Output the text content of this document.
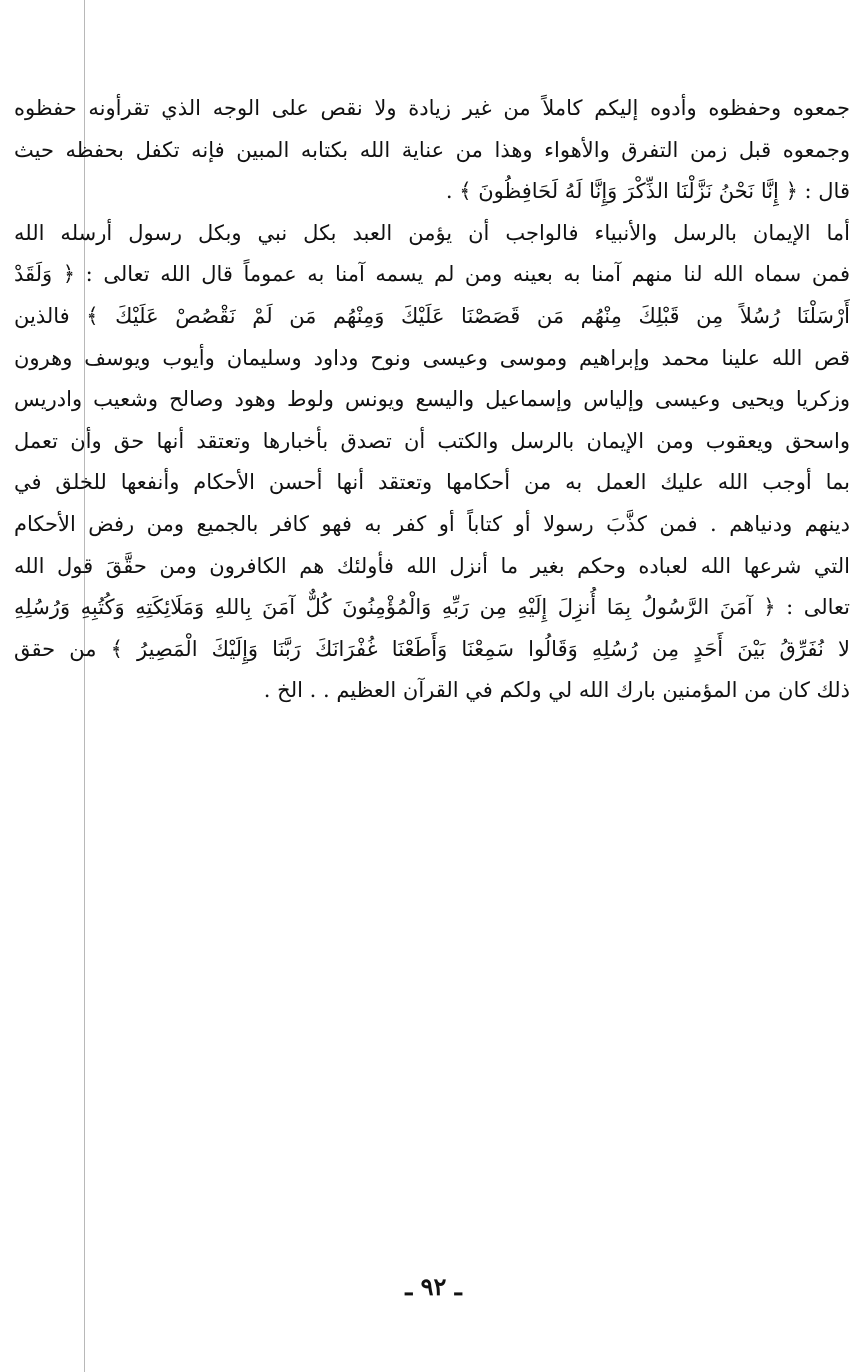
جمعوه وحفظوه وأدوه إليكم كاملاً من غير زيادة ولا نقص على الوجه الذي تقرأونه حفظوه
وجمعوه قبل زمن التفرق والأهواء وهذا من عناية الله بكتابه المبين فإنه تكفل بحفظه حيث
قال : ﴿ إِنَّا نَحْنُ نَزَّلْنَا الذِّكْرَ وَإِنَّا لَهُ لَحَافِظُونَ ﴾ .
أما الإيمان بالرسل والأنبياء فالواجب أن يؤمن العبد بكل نبي وبكل رسول أرسله الله
فمن سماه الله لنا منهم آمنا به بعينه ومن لم يسمه آمنا به عموماً قال الله تعالى : ﴿ وَلَقَدْ
أَرْسَلْنَا رُسُلاً مِن قَبْلِكَ مِنْهُم مَن قَصَصْنَا عَلَيْكَ وَمِنْهُم مَن لَمْ نَقْصُصْ عَلَيْكَ ﴾ فالذين
قص الله علينا محمد وإبراهيم وموسى وعيسى ونوح وداود وسليمان وأيوب ويوسف وهرون
وزكريا ويحيى وعيسى وإلياس وإسماعيل واليسع ويونس ولوط وهود وصالح وشعيب وادريس
واسحق ويعقوب ومن الإيمان بالرسل والكتب أن تصدق بأخبارها وتعتقد أنها حق وأن تعمل
بما أوجب الله عليك العمل به من أحكامها وتعتقد أنها أحسن الأحكام وأنفعها للخلق في
دينهم ودنياهم . فمن كذَّبَ رسولا أو كتاباً أو كفر به فهو كافر بالجميع ومن رفض الأحكام
التي شرعها الله لعباده وحكم بغير ما أنزل الله فأولئك هم الكافرون ومن حقَّقَ قول الله
تعالى : ﴿ آمَنَ الرَّسُولُ بِمَا أُنزِلَ إِلَيْهِ مِن رَبِّهِ وَالْمُؤْمِنُونَ كُلٌّ آمَنَ بِاللهِ وَمَلَائِكَتِهِ وَكُتُبِهِ وَرُسُلِهِ
لا نُفَرِّقُ بَيْنَ أَحَدٍ مِن رُسُلِهِ وَقَالُوا سَمِعْنَا وَأَطَعْنَا غُفْرَانَكَ رَبَّنَا وَإِلَيْكَ الْمَصِيرُ ﴾ من حقق
ذلك كان من المؤمنين بارك الله لي ولكم في القرآن العظيم . . الخ .
ـ ٩٢ ـ
